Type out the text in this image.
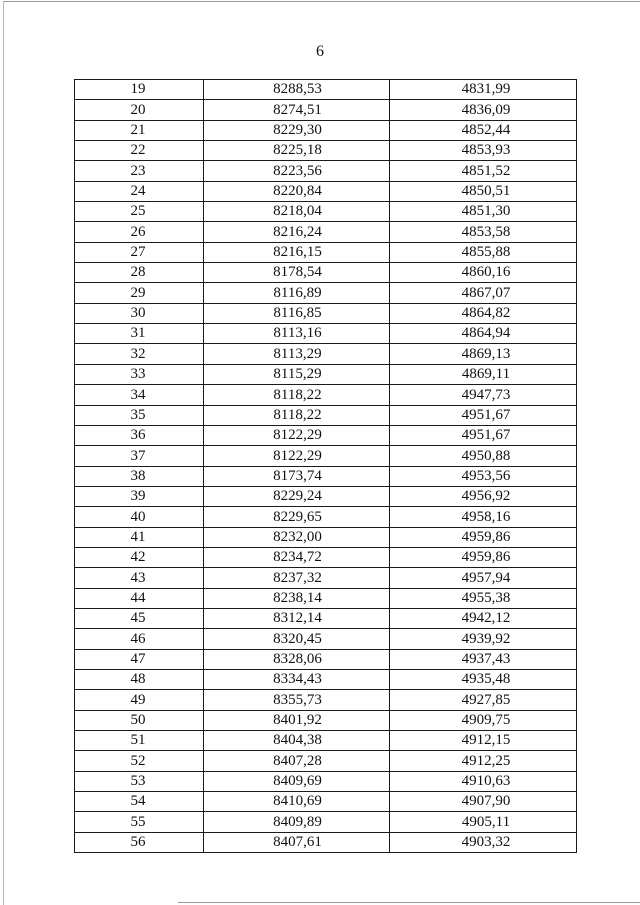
6
19	8288,53	4831,99
20	8274,51	4836,09
21	8229,30	4852,44
22	8225,18	4853,93
23	8223,56	4851,52
24	8220,84	4850,51
25	8218,04	4851,30
26	8216,24	4853,58
27	8216,15	4855,88
28	8178,54	4860,16
29	8116,89	4867,07
30	8116,85	4864,82
31	8113,16	4864,94
32	8113,29	4869,13
33	8115,29	4869,11
34	8118,22	4947,73
35	8118,22	4951,67
36	8122,29	4951,67
37	8122,29	4950,88
38	8173,74	4953,56
39	8229,24	4956,92
40	8229,65	4958,16
41	8232,00	4959,86
42	8234,72	4959,86
43	8237,32	4957,94
44	8238,14	4955,38
45	8312,14	4942,12
46	8320,45	4939,92
47	8328,06	4937,43
48	8334,43	4935,48
49	8355,73	4927,85
50	8401,92	4909,75
51	8404,38	4912,15
52	8407,28	4912,25
53	8409,69	4910,63
54	8410,69	4907,90
55	8409,89	4905,11
56	8407,61	4903,32
